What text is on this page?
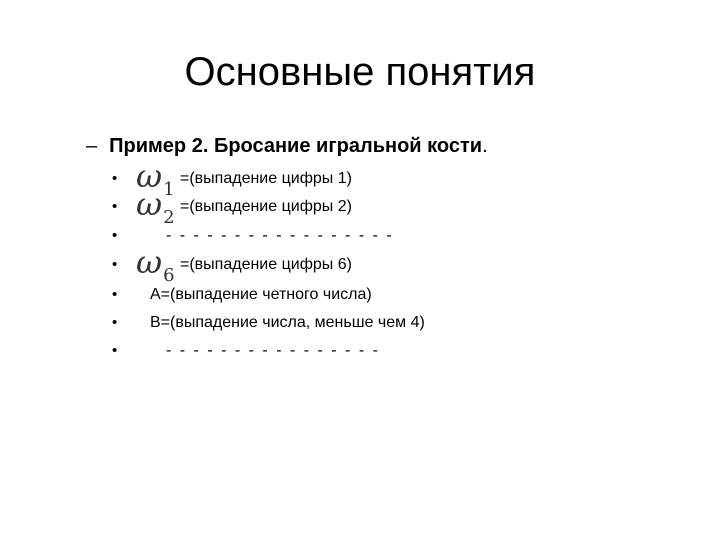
Основные понятия
– Пример 2. Бросание игральной кости.
• $\omega_1$
=(выпадение цифры 1)
• $\omega_2$
=(выпадение цифры 2)
•	- - - - - - - - - - - - - - - - -
• $\omega_6$
=(выпадение цифры 6)
• А=(выпадение четного числа)
• В=(выпадение числа, меньше чем 4)
•	- - - - - - - - - - - - - - - -
